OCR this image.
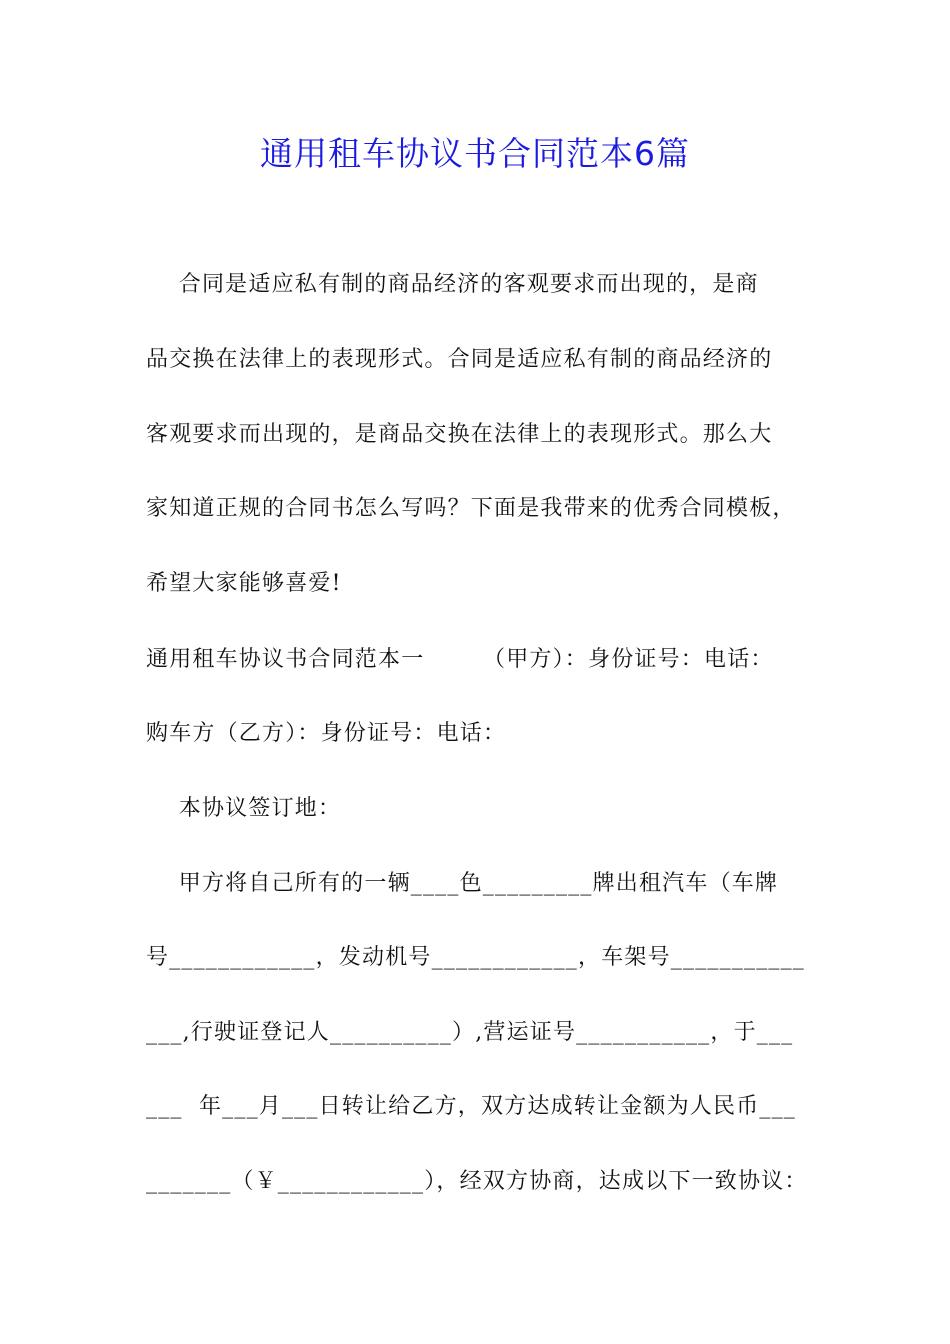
通用租车协议书合同范本6篇
合同是适应私有制的商品经济的客观要求而出现的，是商
品交换在法律上的表现形式。合同是适应私有制的商品经济的
客观要求而出现的，是商品交换在法律上的表现形式。那么大
家知道正规的合同书怎么写吗？下面是我带来的优秀合同模板，
希望大家能够喜爱!
通用租车协议书合同范本一　　　（甲方）：身份证号：电话：
购车方（乙方）：身份证号：电话：
本协议签订地：
甲方将自己所有的一辆____色_________牌出租汽车（车牌
号____________，发动机号____________，车架号___________
___,行驶证登记人__________）,营运证号___________，于___
___  年___月___日转让给乙方，双方达成转让金额为人民币___
_______（￥____________），经双方协商，达成以下一致协议：
